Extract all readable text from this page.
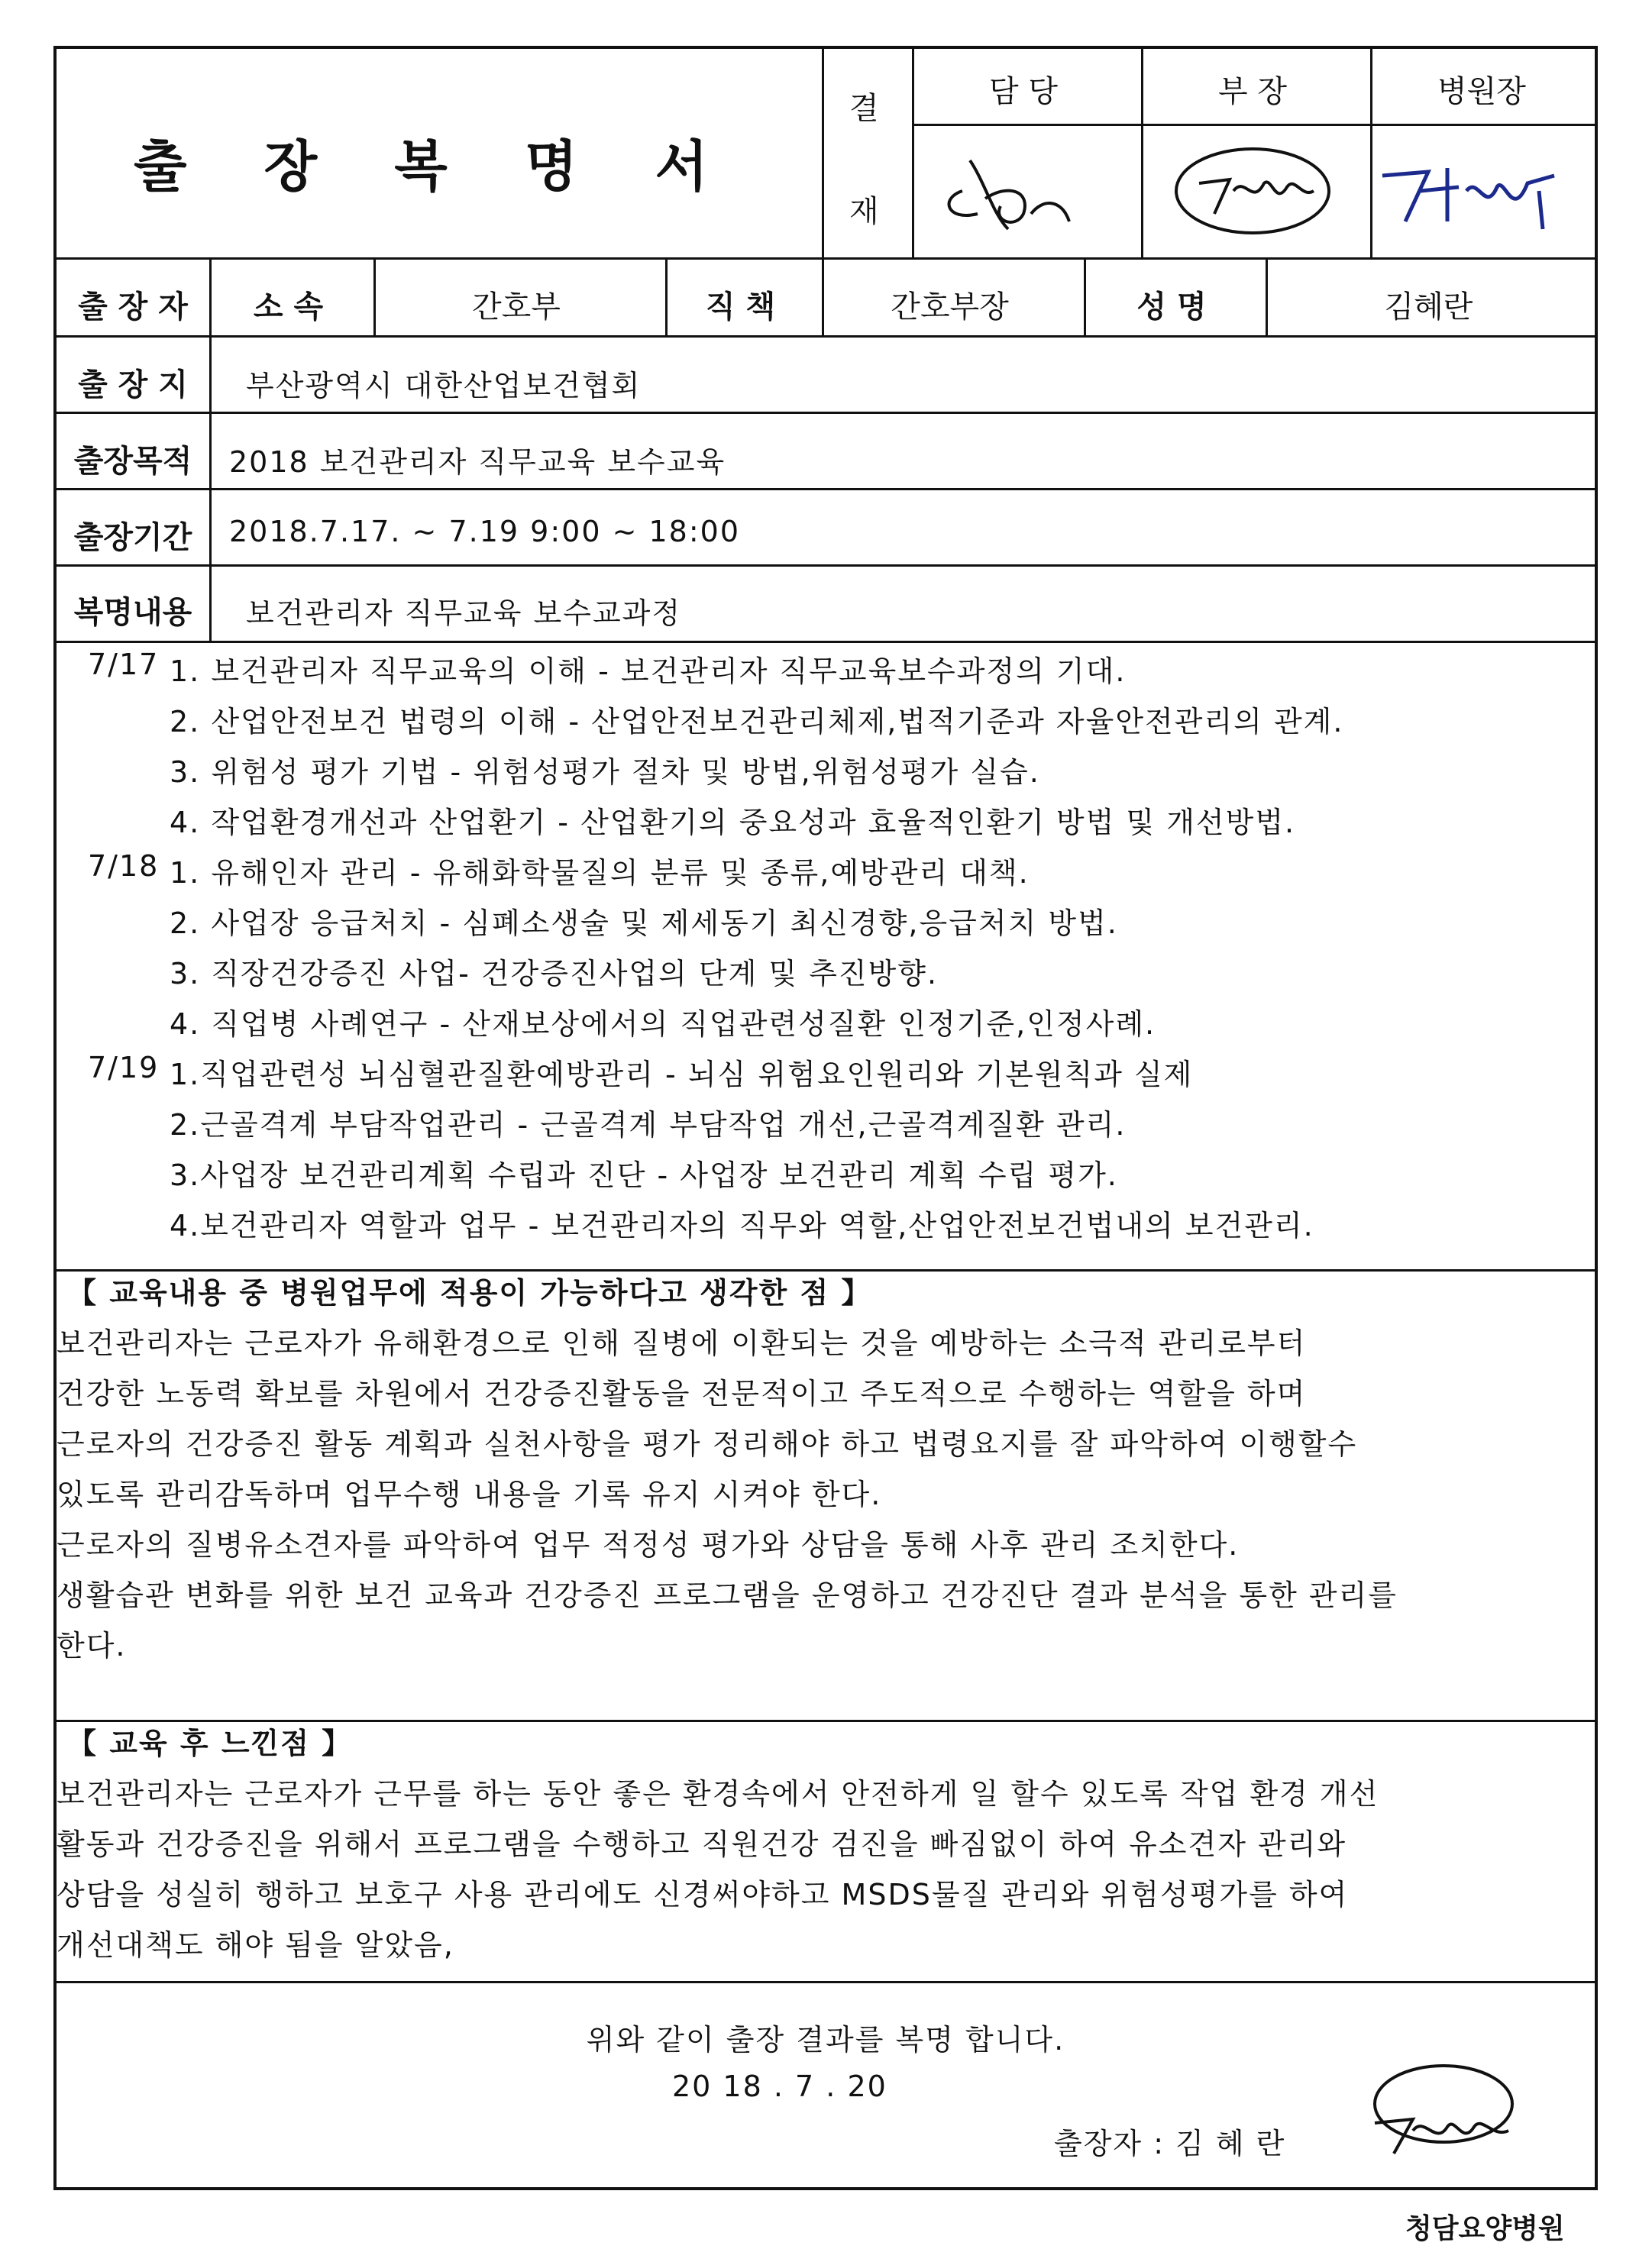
출 장 복 명 서
결
재
담 당	부 장	병원장
출 장 자	소 속	간호부	직 책	간호부장	성 명	김혜란
출 장 지	부산광역시 대한산업보건협회
출장목적	2018 보건관리자 직무교육 보수교육
출장기간	2018.7.17. ~ 7.19 9:00 ~ 18:00
복명내용	보건관리자 직무교육 보수교과정
7/17 1. 보건관리자 직무교육의 이해 - 보건관리자 직무교육보수과정의 기대.
2. 산업안전보건 법령의 이해 - 산업안전보건관리체제,법적기준과 자율안전관리의 관계.
3. 위험성 평가 기법 - 위험성평가 절차 및 방법,위험성평가 실습.
4. 작업환경개선과 산업환기 - 산업환기의 중요성과 효율적인환기 방법 및 개선방법.
7/18 1. 유해인자 관리 - 유해화학물질의 분류 및 종류,예방관리 대책.
2. 사업장 응급처치 - 심폐소생술 및 제세동기 최신경향,응급처치 방법.
3. 직장건강증진 사업- 건강증진사업의 단계 및 추진방향.
4. 직업병 사례연구 - 산재보상에서의 직업관련성질환 인정기준,인정사례.
7/19 1.직업관련성 뇌심혈관질환예방관리 - 뇌심 위험요인원리와 기본원칙과 실제
2.근골격계 부담작업관리 - 근골격계 부담작업 개선,근골격계질환 관리.
3.사업장 보건관리계획 수립과 진단 - 사업장 보건관리 계획 수립 평가.
4.보건관리자 역할과 업무 - 보건관리자의 직무와 역할,산업안전보건법내의 보건관리.
【 교육내용 중 병원업무에 적용이 가능하다고 생각한 점 】
보건관리자는 근로자가 유해환경으로 인해 질병에 이환되는 것을 예방하는 소극적 관리로부터
건강한 노동력 확보를 차원에서 건강증진활동을 전문적이고 주도적으로 수행하는 역할을 하며
근로자의 건강증진 활동 계획과 실천사항을 평가 정리해야 하고 법령요지를 잘 파악하여 이행할수
있도록 관리감독하며 업무수행 내용을 기록 유지 시켜야 한다.
근로자의 질병유소견자를 파악하여 업무 적정성 평가와 상담을 통해 사후 관리 조치한다.
생활습관 변화를 위한 보건 교육과 건강증진 프로그램을 운영하고 건강진단 결과 분석을 통한 관리를
한다.
【 교육 후 느낀점 】
보건관리자는 근로자가 근무를 하는 동안 좋은 환경속에서 안전하게 일 할수 있도록 작업 환경 개선
활동과 건강증진을 위해서 프로그램을 수행하고 직원건강 검진을 빠짐없이 하여 유소견자 관리와
상담을 성실히 행하고 보호구 사용 관리에도 신경써야하고 MSDS물질 관리와 위험성평가를 하여
개선대책도 해야 됨을 알았음,
위와 같이 출장 결과를 복명 합니다.
20 18 . 7 . 20
출장자 : 김 혜 란
청담요양병원
